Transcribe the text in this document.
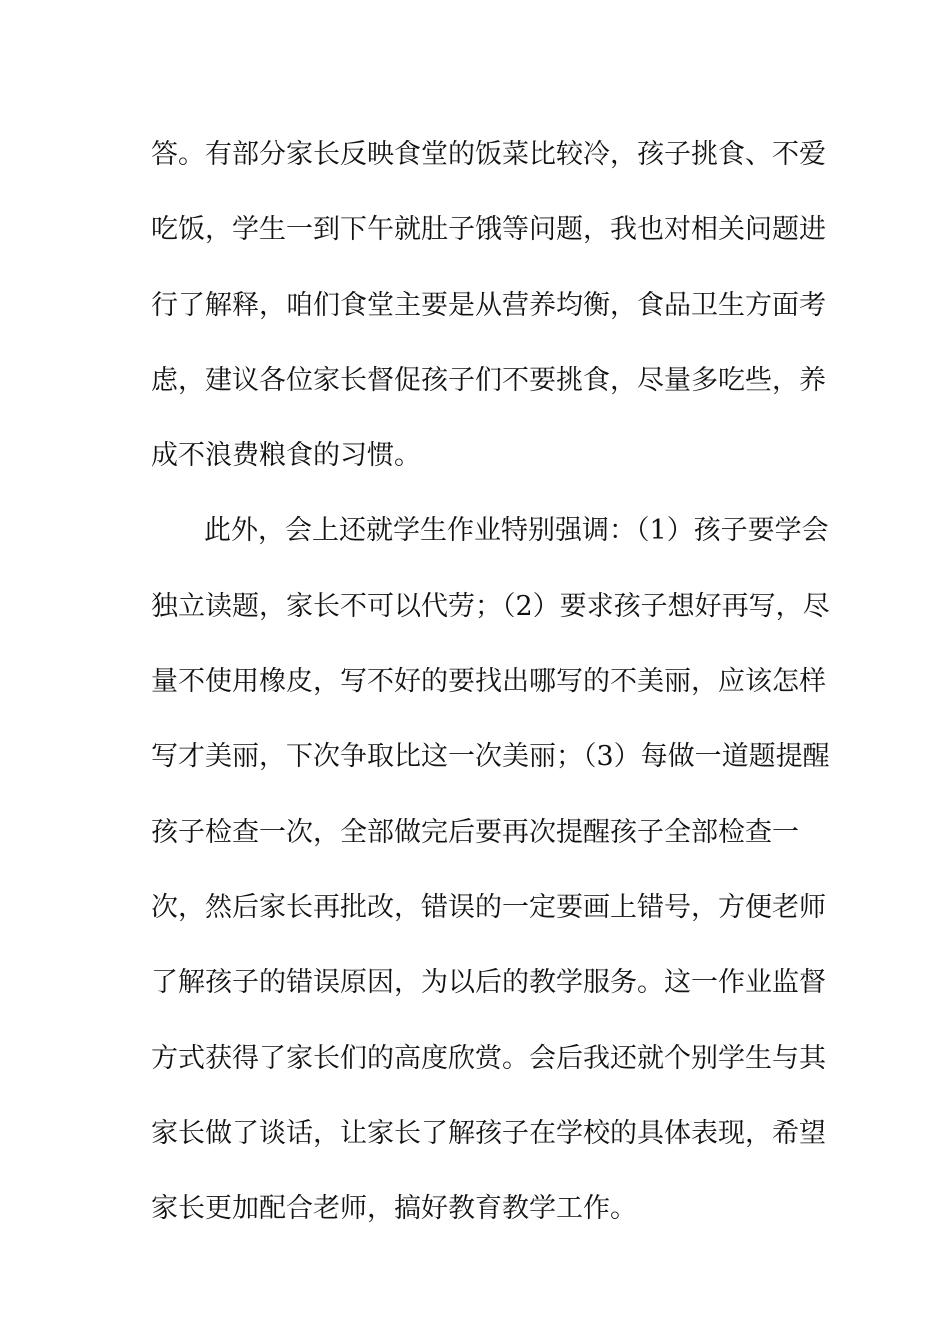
答。有部分家长反映食堂的饭菜比较冷，孩子挑食、不爱
吃饭，学生一到下午就肚子饿等问题，我也对相关问题进
行了解释，咱们食堂主要是从营养均衡，食品卫生方面考
虑，建议各位家长督促孩子们不要挑食，尽量多吃些，养
成不浪费粮食的习惯。
此外，会上还就学生作业特别强调：（1）孩子要学会
独立读题，家长不可以代劳；（2）要求孩子想好再写，尽
量不使用橡皮，写不好的要找出哪写的不美丽，应该怎样
写才美丽，下次争取比这一次美丽；（3）每做一道题提醒
孩子检查一次，全部做完后要再次提醒孩子全部检查一
次，然后家长再批改，错误的一定要画上错号，方便老师
了解孩子的错误原因，为以后的教学服务。这一作业监督
方式获得了家长们的高度欣赏。会后我还就个别学生与其
家长做了谈话，让家长了解孩子在学校的具体表现，希望
家长更加配合老师，搞好教育教学工作。
